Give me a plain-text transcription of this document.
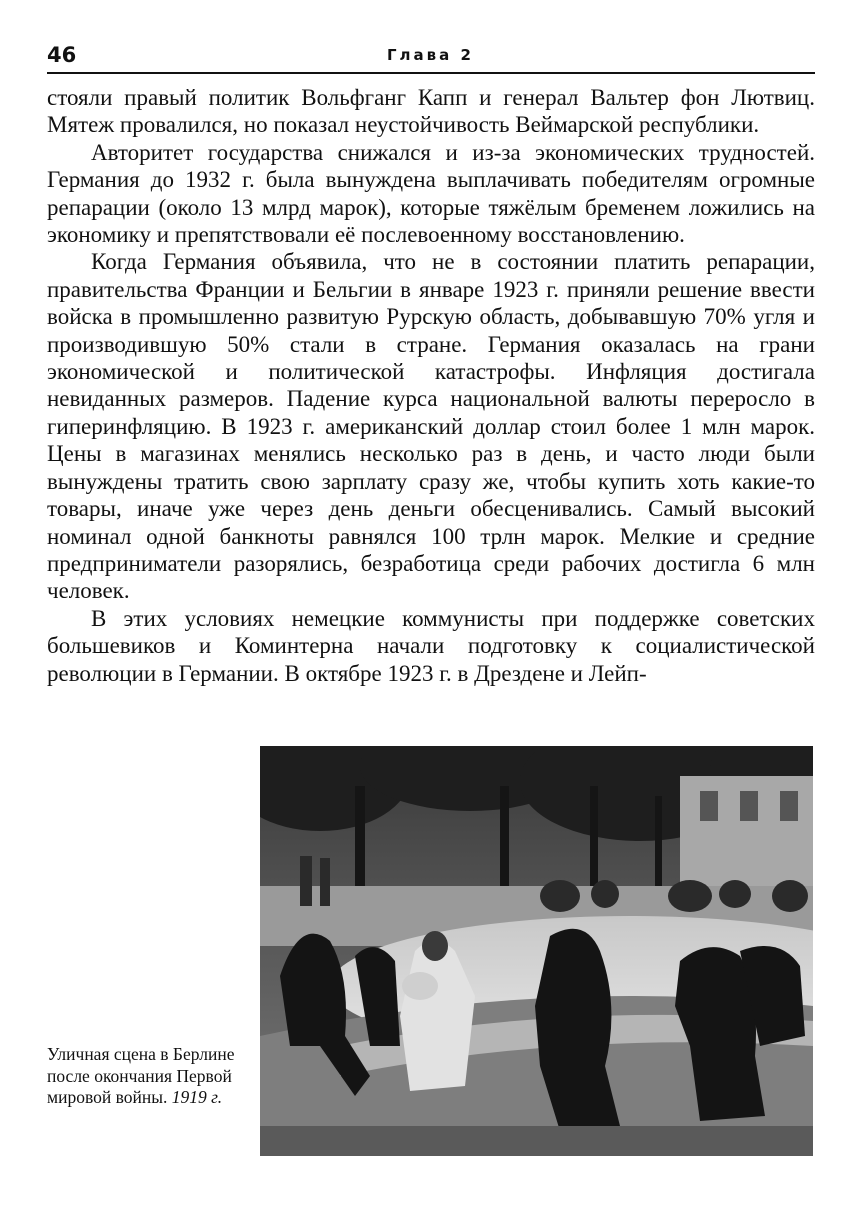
46	Глава 2

стояли правый политик Вольфганг Капп и генерал Вальтер фон Лютвиц. Мятеж провалился, но показал неустойчивость Веймарской республики.

Авторитет государства снижался и из-за экономических трудностей. Германия до 1932 г. была вынуждена выплачивать победителям огромные репарации (около 13 млрд марок), которые тяжёлым бременем ложились на экономику и препятствовали её послевоенному восстановлению.

Когда Германия объявила, что не в состоянии платить репарации, правительства Франции и Бельгии в январе 1923 г. приняли решение ввести войска в промышленно развитую Рурскую область, добывавшую 70% угля и производившую 50% стали в стране. Германия оказалась на грани экономической и политической катастрофы. Инфляция достигала невиданных размеров. Падение курса национальной валюты переросло в гиперинфляцию. В 1923 г. американский доллар стоил более 1 млн марок. Цены в магазинах менялись несколько раз в день, и часто люди были вынуждены тратить свою зарплату сразу же, чтобы купить хоть какие-то товары, иначе уже через день деньги обесценивались. Самый высокий номинал одной банкноты равнялся 100 трлн марок. Мелкие и средние предприниматели разорялись, безработица среди рабочих достигла 6 млн человек.

В этих условиях немецкие коммунисты при поддержке советских большевиков и Коминтерна начали подготовку к социалистической революции в Германии. В октябре 1923 г. в Дрездене и Лейп-

Уличная сцена в Берлине после окончания Первой мировой войны. 1919 г.
